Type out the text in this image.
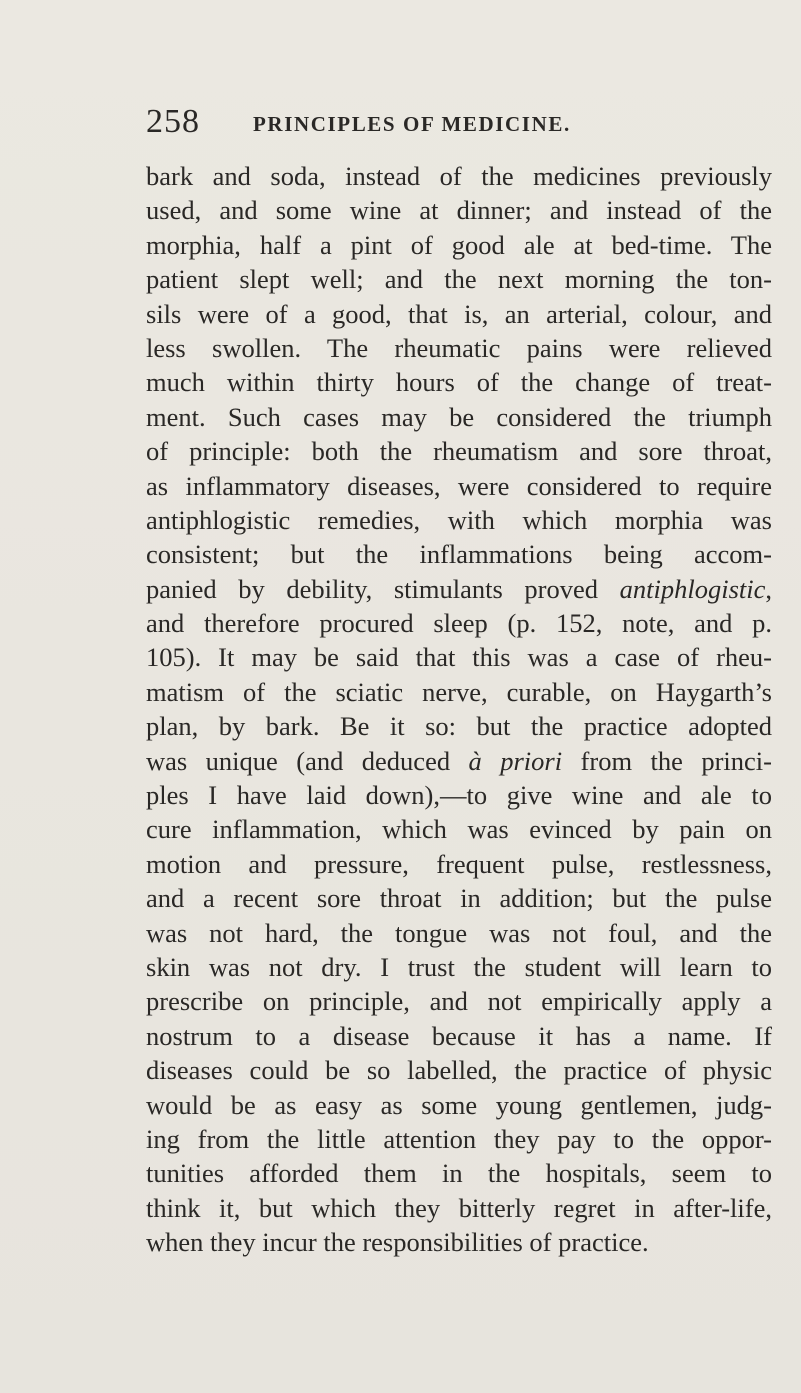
258	PRINCIPLES OF MEDICINE.
bark and soda, instead of the medicines previously
used, and some wine at dinner; and instead of the
morphia, half a pint of good ale at bed-time. The
patient slept well; and the next morning the ton-
sils were of a good, that is, an arterial, colour, and
less swollen. The rheumatic pains were relieved
much within thirty hours of the change of treat-
ment. Such cases may be considered the triumph
of principle: both the rheumatism and sore throat,
as inflammatory diseases, were considered to require
antiphlogistic remedies, with which morphia was
consistent; but the inflammations being accom-
panied by debility, stimulants proved antiphlogistic,
and therefore procured sleep (p. 152, note, and p.
105). It may be said that this was a case of rheu-
matism of the sciatic nerve, curable, on Haygarth’s
plan, by bark. Be it so: but the practice adopted
was unique (and deduced à priori from the princi-
ples I have laid down),—to give wine and ale to
cure inflammation, which was evinced by pain on
motion and pressure, frequent pulse, restlessness,
and a recent sore throat in addition; but the pulse
was not hard, the tongue was not foul, and the
skin was not dry. I trust the student will learn to
prescribe on principle, and not empirically apply a
nostrum to a disease because it has a name. If
diseases could be so labelled, the practice of physic
would be as easy as some young gentlemen, judg-
ing from the little attention they pay to the oppor-
tunities afforded them in the hospitals, seem to
think it, but which they bitterly regret in after-life,
when they incur the responsibilities of practice.
